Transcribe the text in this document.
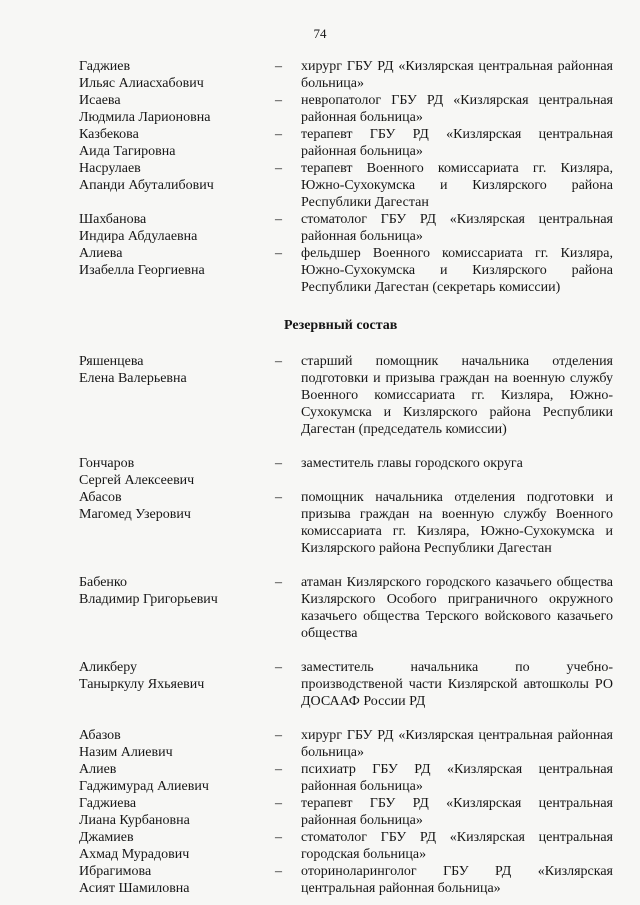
74
Гаджиев
Ильяс Алиасхабович
–	хирург ГБУ РД «Кизлярская центральная районная больница»
Исаева
Людмила Ларионовна
–	невропатолог ГБУ РД «Кизлярская центральная районная больница»
Казбекова
Аида Тагировна
–	терапевт ГБУ РД «Кизлярская центральная районная больница»
Насрулаев
Апанди Абуталибович
–	терапевт Военного комиссариата гг. Кизляра, Южно-Сухокумска и Кизлярского района Республики Дагестан
Шахбанова
Индира Абдулаевна
–	стоматолог ГБУ РД «Кизлярская центральная районная больница»
Алиева
Изабелла Георгиевна
–	фельдшер Военного комиссариата гг. Кизляра, Южно-Сухокумска и Кизлярского района Республики Дагестан (секретарь комиссии)
Резервный состав
Ряшенцева
Елена Валерьевна
–	старший помощник начальника отделения подготовки и призыва граждан на военную службу Военного комиссариата гг. Кизляра, Южно-Сухокумска и Кизлярского района Республики Дагестан (председатель комиссии)
Гончаров
Сергей Алексеевич
–	заместитель главы городского округа
Абасов
Магомед Узерович
–	помощник начальника отделения подготовки и призыва граждан на военную службу Военного комиссариата гг. Кизляра, Южно-Сухокумска и Кизлярского района Республики Дагестан
Бабенко
Владимир Григорьевич
–	атаман Кизлярского городского казачьего общества Кизлярского Особого приграничного окружного казачьего общества Терского войскового казачьего общества
Аликберу
Таныркулу Яхьяевич
–	заместитель начальника по учебно-производственой части Кизлярской автошколы РО ДОСААФ России РД
Абазов
Назим Алиевич
–	хирург ГБУ РД «Кизлярская центральная районная больница»
Алиев
Гаджимурад Алиевич
–	психиатр ГБУ РД «Кизлярская центральная районная больница»
Гаджиева
Лиана Курбановна
–	терапевт ГБУ РД «Кизлярская центральная районная больница»
Джамиев
Ахмад Мурадович
–	стоматолог ГБУ РД «Кизлярская центральная городская больница»
Ибрагимова
Асият Шамиловна
–	оториноларинголог ГБУ РД «Кизлярская центральная районная больница»
